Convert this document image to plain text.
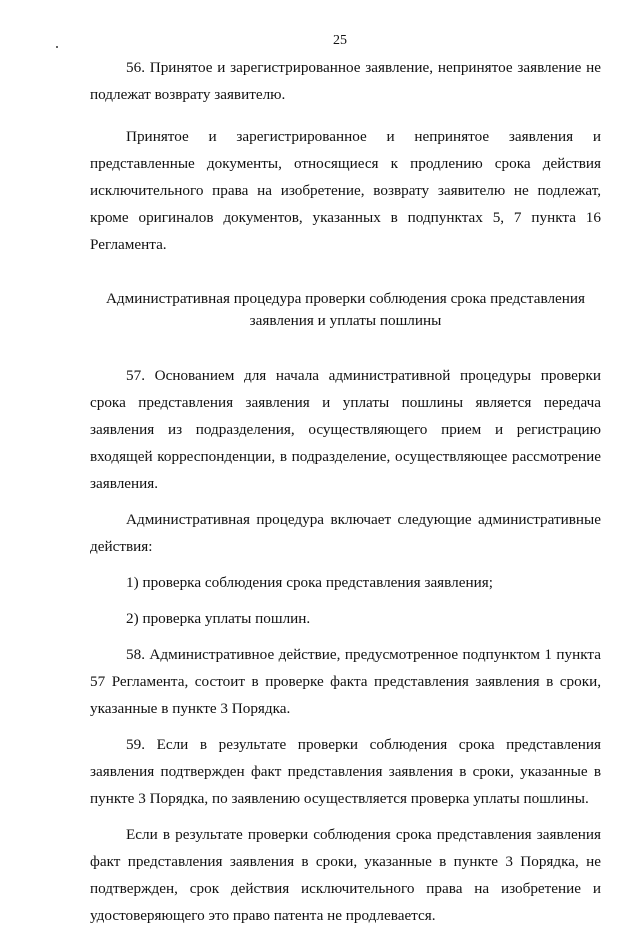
25

56. Принятое и зарегистрированное заявление, непринятое заявление не подлежат возврату заявителю.

Принятое и зарегистрированное и непринятое заявления и представленные документы, относящиеся к продлению срока действия исключительного права на изобретение, возврату заявителю не подлежат, кроме оригиналов документов, указанных в подпунктах 5, 7 пункта 16 Регламента.

Административная процедура проверки соблюдения срока представления заявления и уплаты пошлины

57. Основанием для начала административной процедуры проверки срока представления заявления и уплаты пошлины является передача заявления из подразделения, осуществляющего прием и регистрацию входящей корреспонденции, в подразделение, осуществляющее рассмотрение заявления.

Административная процедура включает следующие административные действия:

1) проверка соблюдения срока представления заявления;

2) проверка уплаты пошлин.

58. Административное действие, предусмотренное подпунктом 1 пункта 57 Регламента, состоит в проверке факта представления заявления в сроки, указанные в пункте 3 Порядка.

59. Если в результате проверки соблюдения срока представления заявления подтвержден факт представления заявления в сроки, указанные в пункте 3 Порядка, по заявлению осуществляется проверка уплаты пошлины.

Если в результате проверки соблюдения срока представления заявления факт представления заявления в сроки, указанные в пункте 3 Порядка, не подтвержден, срок действия исключительного права на изобретение и удостоверяющего это право патента не продлевается.
